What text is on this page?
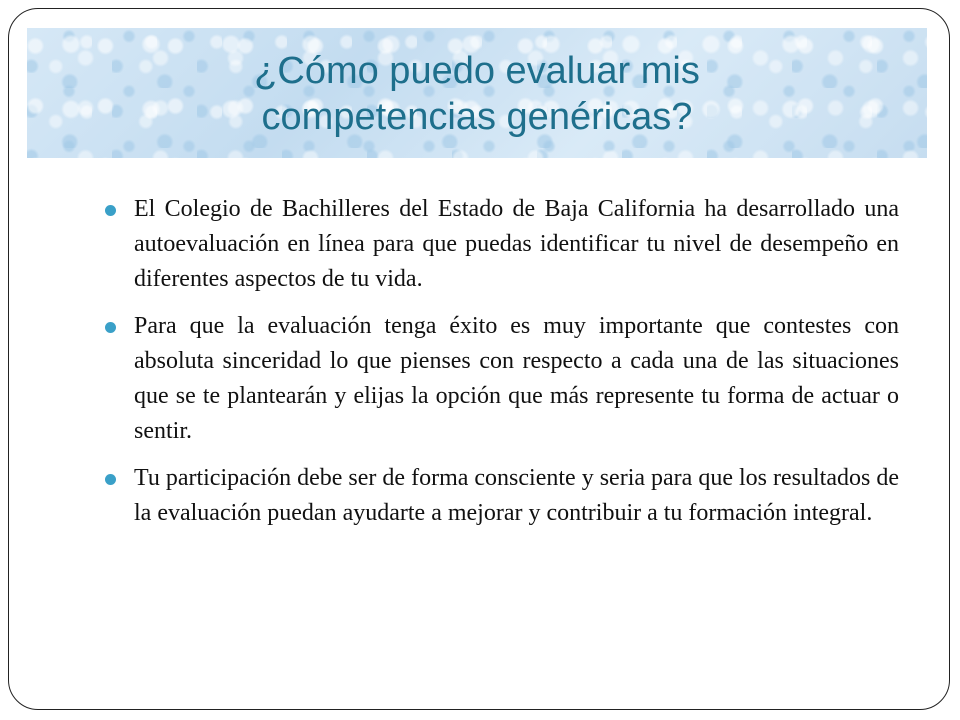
¿Cómo puedo evaluar mis
competencias genéricas?
El Colegio de Bachilleres del Estado de Baja California ha desarrollado una autoevaluación en línea para que puedas identificar tu nivel de desempeño en diferentes aspectos de tu vida.
Para que la evaluación tenga éxito es muy importante que contestes con absoluta sinceridad lo que pienses con respecto a cada una de las situaciones que se te plantearán y elijas la opción que más represente tu forma de actuar o sentir.
Tu participación debe ser de forma consciente y seria para que los resultados de la evaluación puedan ayudarte a mejorar y contribuir a tu formación integral.
